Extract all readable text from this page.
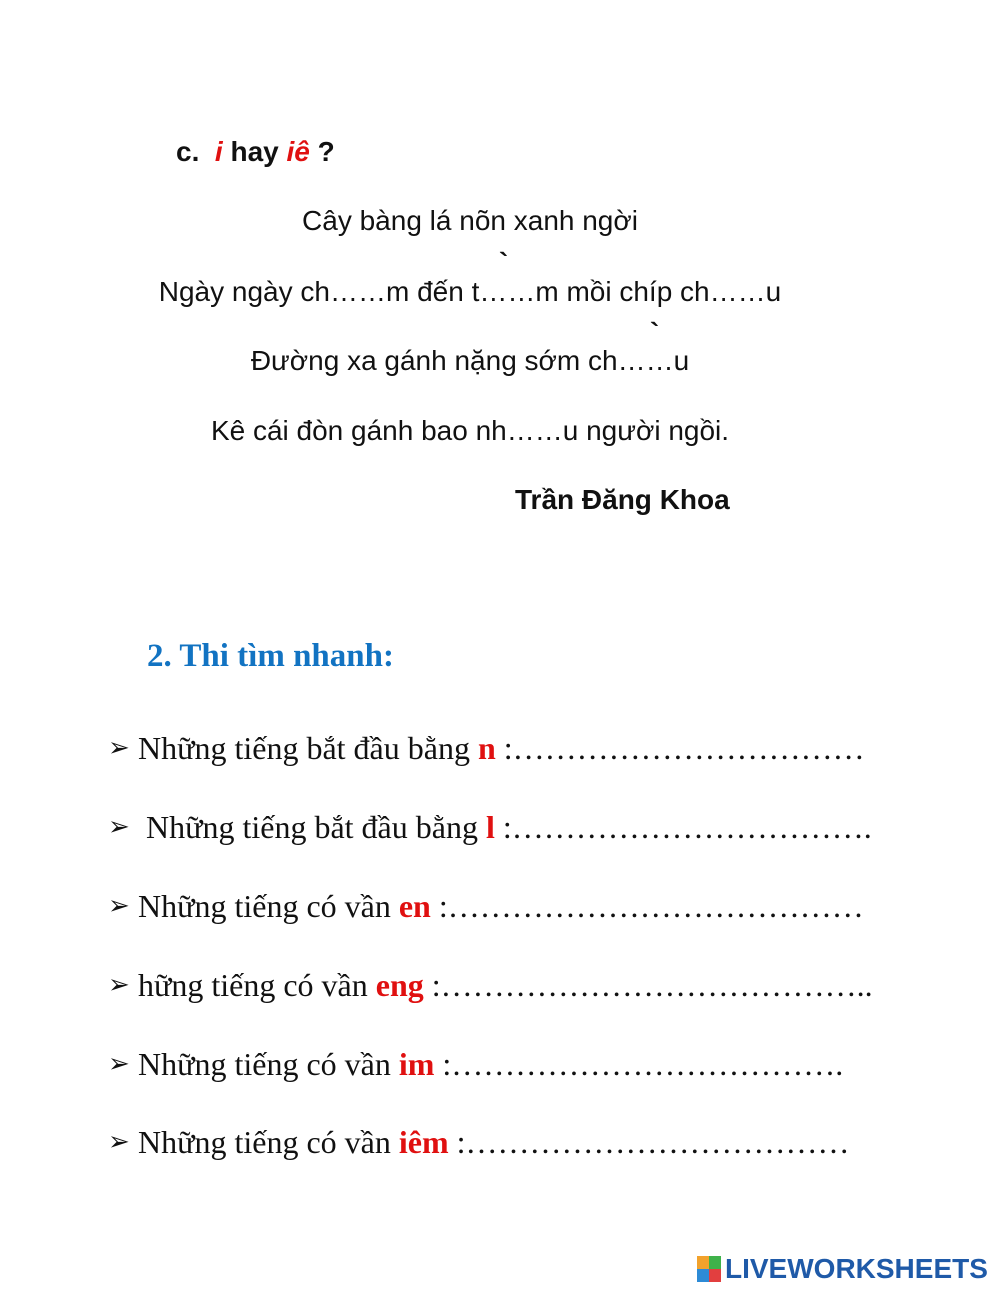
c. i hay iê ?
Cây bàng lá nõn xanh ngời
`
Ngày ngày ch……m đến t……m mồi chíp ch……u
`
Đường xa gánh nặng sớm ch……u
Kê cái đòn gánh bao nh……u người ngồi.
Trần Đăng Khoa
2. Thi tìm nhanh:
➢ Những tiếng bắt đầu bằng n :……………………………
➢ Những tiếng bắt đầu bằng l :…………………………….
➢ Những tiếng có vần en :…………………………………
➢ hững tiếng có vần eng :…………………………………..
➢ Những tiếng có vần im :……………………………….
➢ Những tiếng có vần iêm :………………………………
LIVEWORKSHEETS
